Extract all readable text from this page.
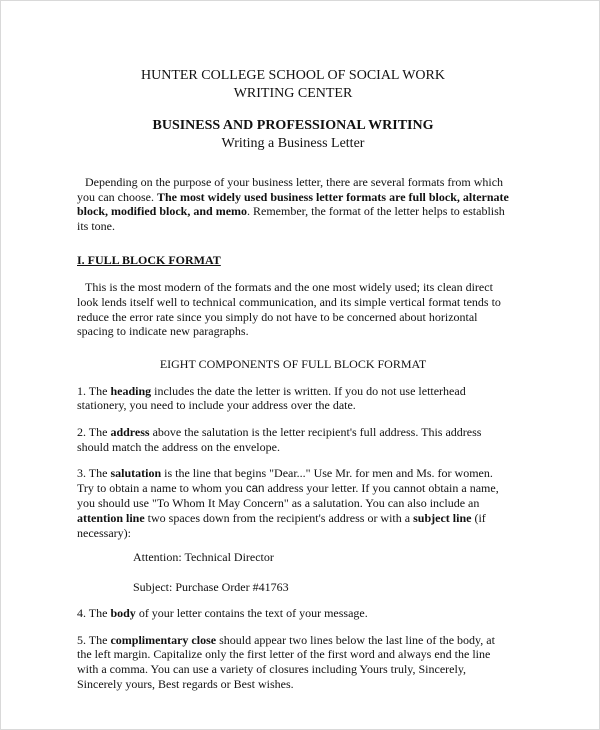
HUNTER COLLEGE SCHOOL OF SOCIAL WORK
WRITING CENTER
BUSINESS AND PROFESSIONAL WRITING
Writing a Business Letter

Depending on the purpose of your business letter, there are several formats from which you can choose. The most widely used business letter formats are full block, alternate block, modified block, and memo. Remember, the format of the letter helps to establish its tone.

I. FULL BLOCK FORMAT

This is the most modern of the formats and the one most widely used; its clean direct look lends itself well to technical communication, and its simple vertical format tends to reduce the error rate since you simply do not have to be concerned about horizontal spacing to indicate new paragraphs.

EIGHT COMPONENTS OF FULL BLOCK FORMAT

1. The heading includes the date the letter is written. If you do not use letterhead stationery, you need to include your address over the date.

2. The address above the salutation is the letter recipient's full address. This address should match the address on the envelope.

3. The salutation is the line that begins "Dear..." Use Mr. for men and Ms. for women. Try to obtain a name to whom you can address your letter. If you cannot obtain a name, you should use "To Whom It May Concern" as a salutation. You can also include an attention line two spaces down from the recipient's address or with a subject line (if necessary):

Attention: Technical Director

Subject: Purchase Order #41763

4. The body of your letter contains the text of your message.

5. The complimentary close should appear two lines below the last line of the body, at the left margin. Capitalize only the first letter of the first word and always end the line with a comma. You can use a variety of closures including Yours truly, Sincerely, Sincerely yours, Best regards or Best wishes.
